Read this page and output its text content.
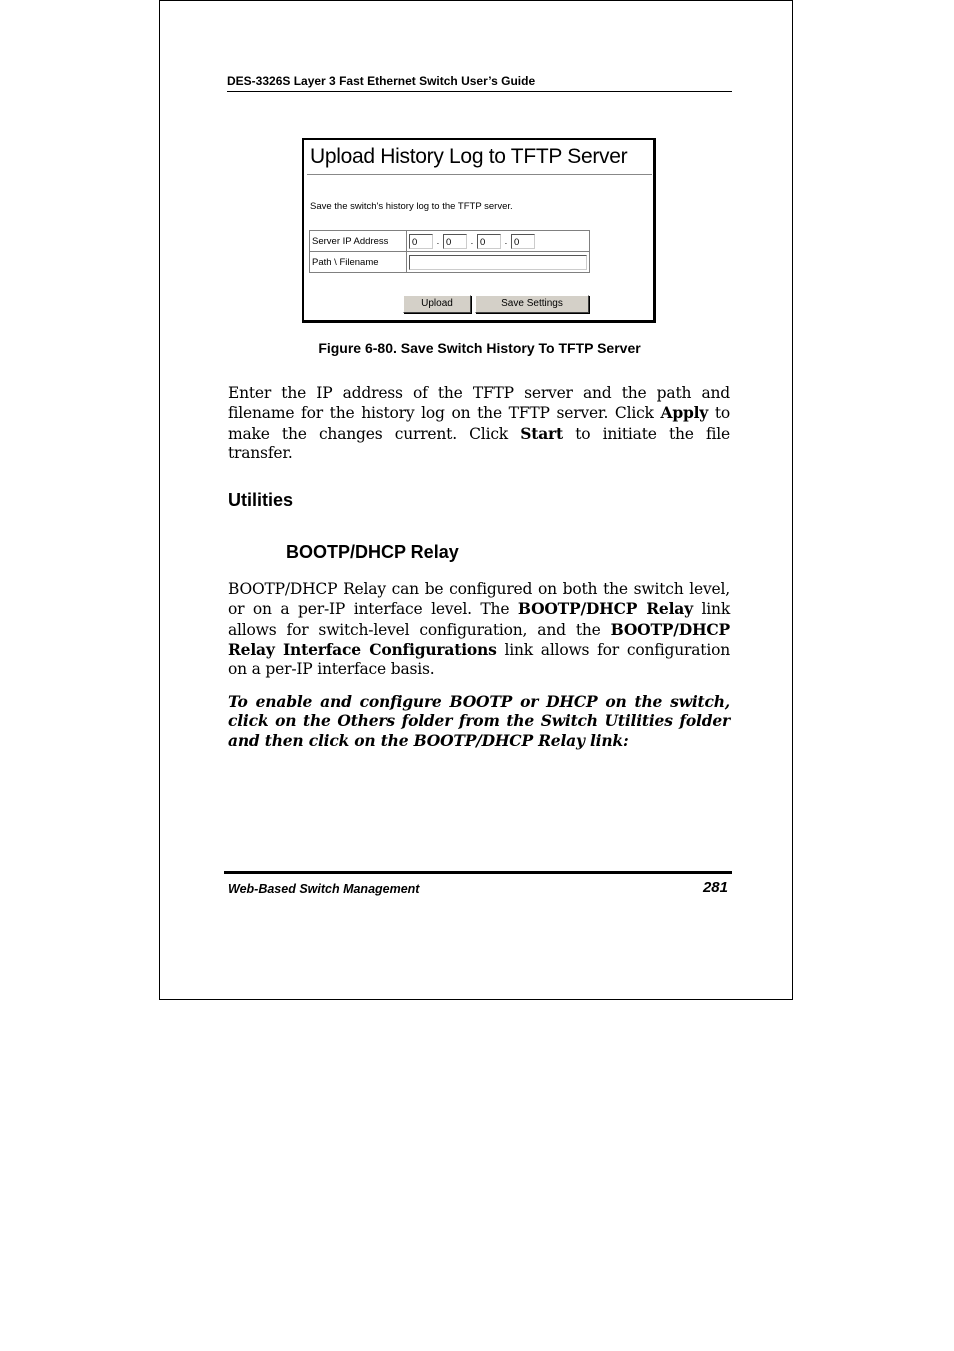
DES-3326S Layer 3 Fast Ethernet Switch User’s Guide
Upload History Log to TFTP Server
Save the switch's history log to the TFTP server.
Server IP Address	0 . 0 . 0 . 0
Path \ Filename	
Upload	Save Settings
Figure 6-80. Save Switch History To TFTP Server
Enter the IP address of the TFTP server and the path and filename for the history log on the TFTP server. Click Apply to make the changes current. Click Start to initiate the file transfer.
Utilities
BOOTP/DHCP Relay
BOOTP/DHCP Relay can be configured on both the switch level, or on a per-IP interface level. The BOOTP/DHCP Relay link allows for switch-level configuration, and the BOOTP/DHCP Relay Interface Configurations link allows for configuration on a per-IP interface basis.
To enable and configure BOOTP or DHCP on the switch, click on the Others folder from the Switch Utilities folder and then click on the BOOTP/DHCP Relay link:
Web-Based Switch Management	281
